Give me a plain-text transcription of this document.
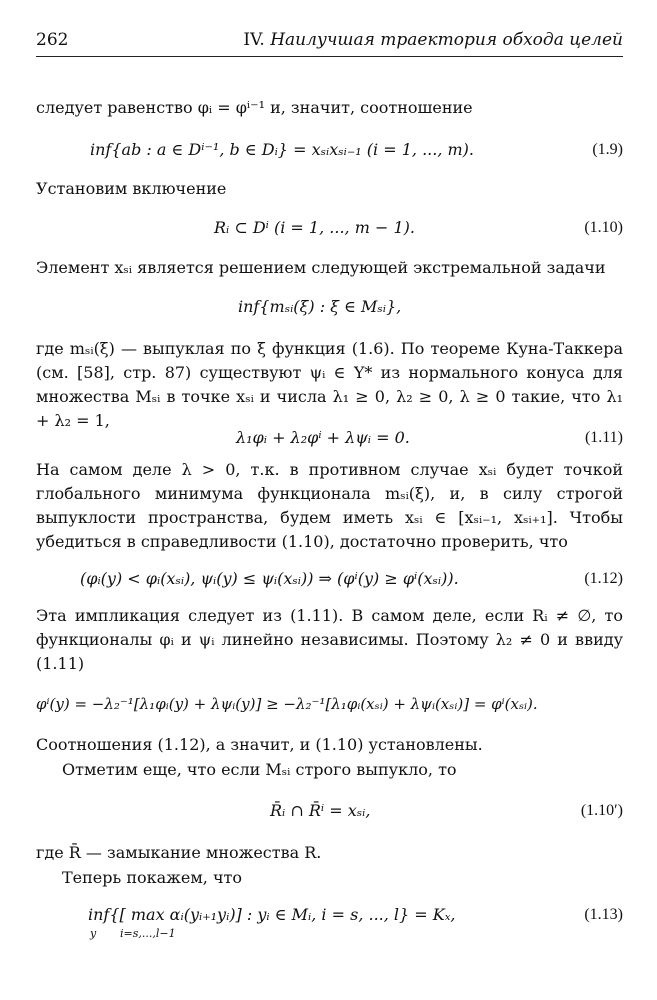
262	IV. Наилучшая траектория обхода целей
следует равенство φᵢ = φⁱ⁻¹ и, значит, соотношение
inf{ab : a ∈ Dⁱ⁻¹, b ∈ Dᵢ} = xₛᵢxₛᵢ₋₁ (i = 1, ..., m).	(1.9)
Установим включение
Rᵢ ⊂ Dⁱ (i = 1, ..., m − 1).	(1.10)
Элемент xₛᵢ является решением следующей экстремальной задачи
inf{mₛᵢ(ξ) : ξ ∈ Mₛᵢ},
где mₛᵢ(ξ) — выпуклая по ξ функция (1.6). По теореме Куна-Таккера (см. [58], стр. 87) существуют ψᵢ ∈ Y* из нормального конуса для множества Mₛᵢ в точке xₛᵢ и числа λ₁ ≥ 0, λ₂ ≥ 0, λ ≥ 0 такие, что λ₁ + λ₂ = 1,
λ₁φᵢ + λ₂φⁱ + λψᵢ = 0.	(1.11)
На самом деле λ > 0, т.к. в противном случае xₛᵢ будет точкой глобального минимума функционала mₛᵢ(ξ), и, в силу строгой выпуклости пространства, будем иметь xₛᵢ ∈ [xₛᵢ₋₁, xₛᵢ₊₁]. Чтобы убедиться в справедливости (1.10), достаточно проверить, что
(φᵢ(y) < φᵢ(xₛᵢ), ψᵢ(y) ≤ ψᵢ(xₛᵢ)) ⇒ (φⁱ(y) ≥ φⁱ(xₛᵢ)).	(1.12)
Эта импликация следует из (1.11). В самом деле, если Rᵢ ≠ ∅, то функционалы φᵢ и ψᵢ линейно независимы. Поэтому λ₂ ≠ 0 и ввиду (1.11)
φⁱ(y) = −λ₂⁻¹[λ₁φᵢ(y) + λψᵢ(y)] ≥ −λ₂⁻¹[λ₁φᵢ(xₛᵢ) + λψᵢ(xₛᵢ)] = φⁱ(xₛᵢ).
Соотношения (1.12), а значит, и (1.10) установлены.
Отметим еще, что если Mₛᵢ строго выпукло, то
R̄ᵢ ∩ R̄ⁱ = xₛᵢ,	(1.10′)
где R̄ — замыкание множества R.
Теперь покажем, что
inf{[ max αᵢ(yᵢ₊₁yᵢ)] : yᵢ ∈ Mᵢ, i = s, ..., l} = Kₓ,
y i=s,...,l−1
(1.13)
